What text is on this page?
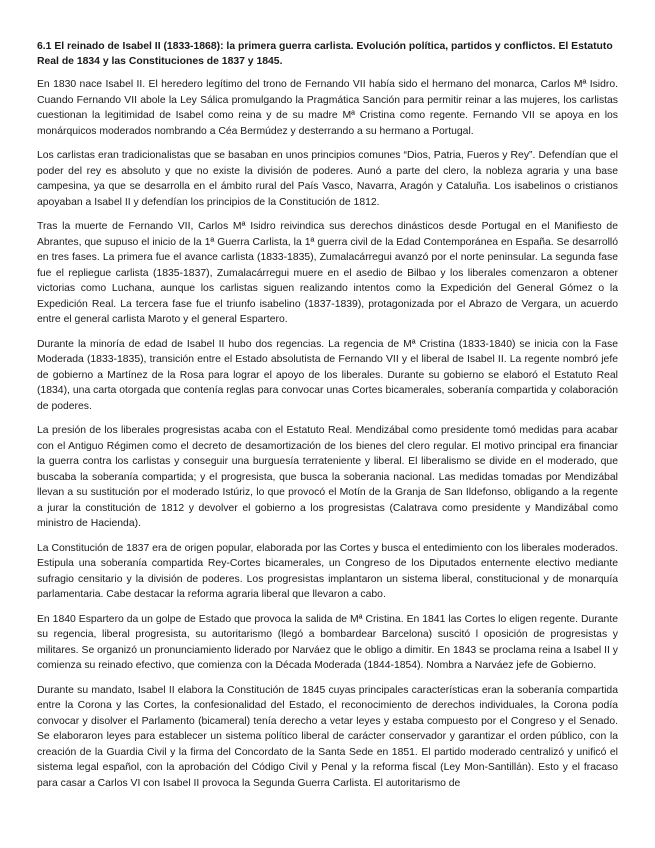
6.1 El reinado de Isabel II (1833-1868): la primera guerra carlista. Evolución política, partidos y conflictos. El Estatuto Real de 1834 y las Constituciones de 1837 y 1845.

En 1830 nace Isabel II. El heredero legítimo del trono de Fernando VII había sido el hermano del monarca, Carlos Mª Isidro. Cuando Fernando VII abole la Ley Sálica promulgando la Pragmática Sanción para permitir reinar a las mujeres, los carlistas cuestionan la legitimidad de Isabel como reina y de su madre Mª Cristina como regente. Fernando VII se apoya en los monárquicos moderados nombrando a Céa Bermúdez y desterrando a su hermano a Portugal.

Los carlistas eran tradicionalistas que se basaban en unos principios comunes “Dios, Patria, Fueros y Rey”. Defendían que el poder del rey es absoluto y que no existe la división de poderes. Aunó a parte del clero, la nobleza agraria y una base campesina, ya que se desarrolla en el ámbito rural del País Vasco, Navarra, Aragón y Cataluña. Los isabelinos o cristianos apoyaban a Isabel II y defendían los principios de la Constitución de 1812.

Tras la muerte de Fernando VII, Carlos Mª Isidro reivindica sus derechos dinásticos desde Portugal en el Manifiesto de Abrantes, que supuso el inicio de la 1ª Guerra Carlista, la 1ª guerra civil de la Edad Contemporánea en España. Se desarrolló en tres fases. La primera fue el avance carlista (1833-1835), Zumalacárregui avanzó por el norte peninsular. La segunda fase fue el repliegue carlista (1835-1837), Zumalacárregui muere en el asedio de Bilbao y los liberales comenzaron a obtener victorias como Luchana, aunque los carlistas siguen realizando intentos como la Expedición del General Gómez o la Expedición Real. La tercera fase fue el triunfo isabelino (1837-1839), protagonizada por el Abrazo de Vergara, un acuerdo entre el general carlista Maroto y el general Espartero.

Durante la minoría de edad de Isabel II hubo dos regencias. La regencia de Mª Cristina (1833-1840) se inicia con la Fase Moderada (1833-1835), transición entre el Estado absolutista de Fernando VII y el liberal de Isabel II. La regente nombró jefe de gobierno a Martínez de la Rosa para lograr el apoyo de los liberales. Durante su gobierno se elaboró el Estatuto Real (1834), una carta otorgada que contenía reglas para convocar unas Cortes bicamerales, soberanía compartida y colaboración de poderes.

La presión de los liberales progresistas acaba con el Estatuto Real. Mendizábal como presidente tomó medidas para acabar con el Antiguo Régimen como el decreto de desamortización de los bienes del clero regular. El motivo principal era financiar la guerra contra los carlistas y conseguir una burguesía terrateniente y liberal. El liberalismo se divide en el moderado, que buscaba la soberanía compartida; y el progresista, que busca la soberania nacional. Las medidas tomadas por Mendizábal llevan a su sustitución por el moderado Istúriz, lo que provocó el Motín de la Granja de San Ildefonso, obligando a la regente a jurar la constitución de 1812 y devolver el gobierno a los progresistas (Calatrava como presidente y Mandizábal como ministro de Hacienda).

La Constitución de 1837 era de origen popular, elaborada por las Cortes y busca el entedimiento con los liberales moderados. Estipula una soberanía compartida Rey-Cortes bicamerales, un Congreso de los Diputados enternente electivo mediante sufragio censitario y la división de poderes. Los progresistas implantaron un sistema liberal, constitucional y de monarquía parlamentaria. Cabe destacar la reforma agraria liberal que llevaron a cabo.

En 1840 Espartero da un golpe de Estado que provoca la salida de Mª Cristina. En 1841 las Cortes lo eligen regente. Durante su regencia, liberal progresista, su autoritarismo (llegó a bombardear Barcelona) suscitó l oposición de progresistas y militares. Se organizó un pronunciamiento liderado por Narváez que le obligo a dimitir. En 1843 se proclama reina a Isabel II y comienza su reinado efectivo, que comienza con la Década Moderada (1844-1854). Nombra a Narváez jefe de Gobierno.

Durante su mandato, Isabel II elabora la Constitución de 1845 cuyas principales características eran la soberanía compartida entre la Corona y las Cortes, la confesionalidad del Estado, el reconocimiento de derechos individuales, la Corona podía convocar y disolver el Parlamento (bicameral) tenía derecho a vetar leyes y estaba compuesto por el Congreso y el Senado. Se elaboraron leyes para establecer un sistema político liberal de carácter conservador y garantizar el orden público, con la creación de la Guardia Civil y la firma del Concordato de la Santa Sede en 1851. El partido moderado centralizó y unificó el sistema legal español, con la aprobación del Código Civil y Penal y la reforma fiscal (Ley Mon-Santillán). Esto y el fracaso para casar a Carlos VI con Isabel II provoca la Segunda Guerra Carlista. El autoritarismo de
